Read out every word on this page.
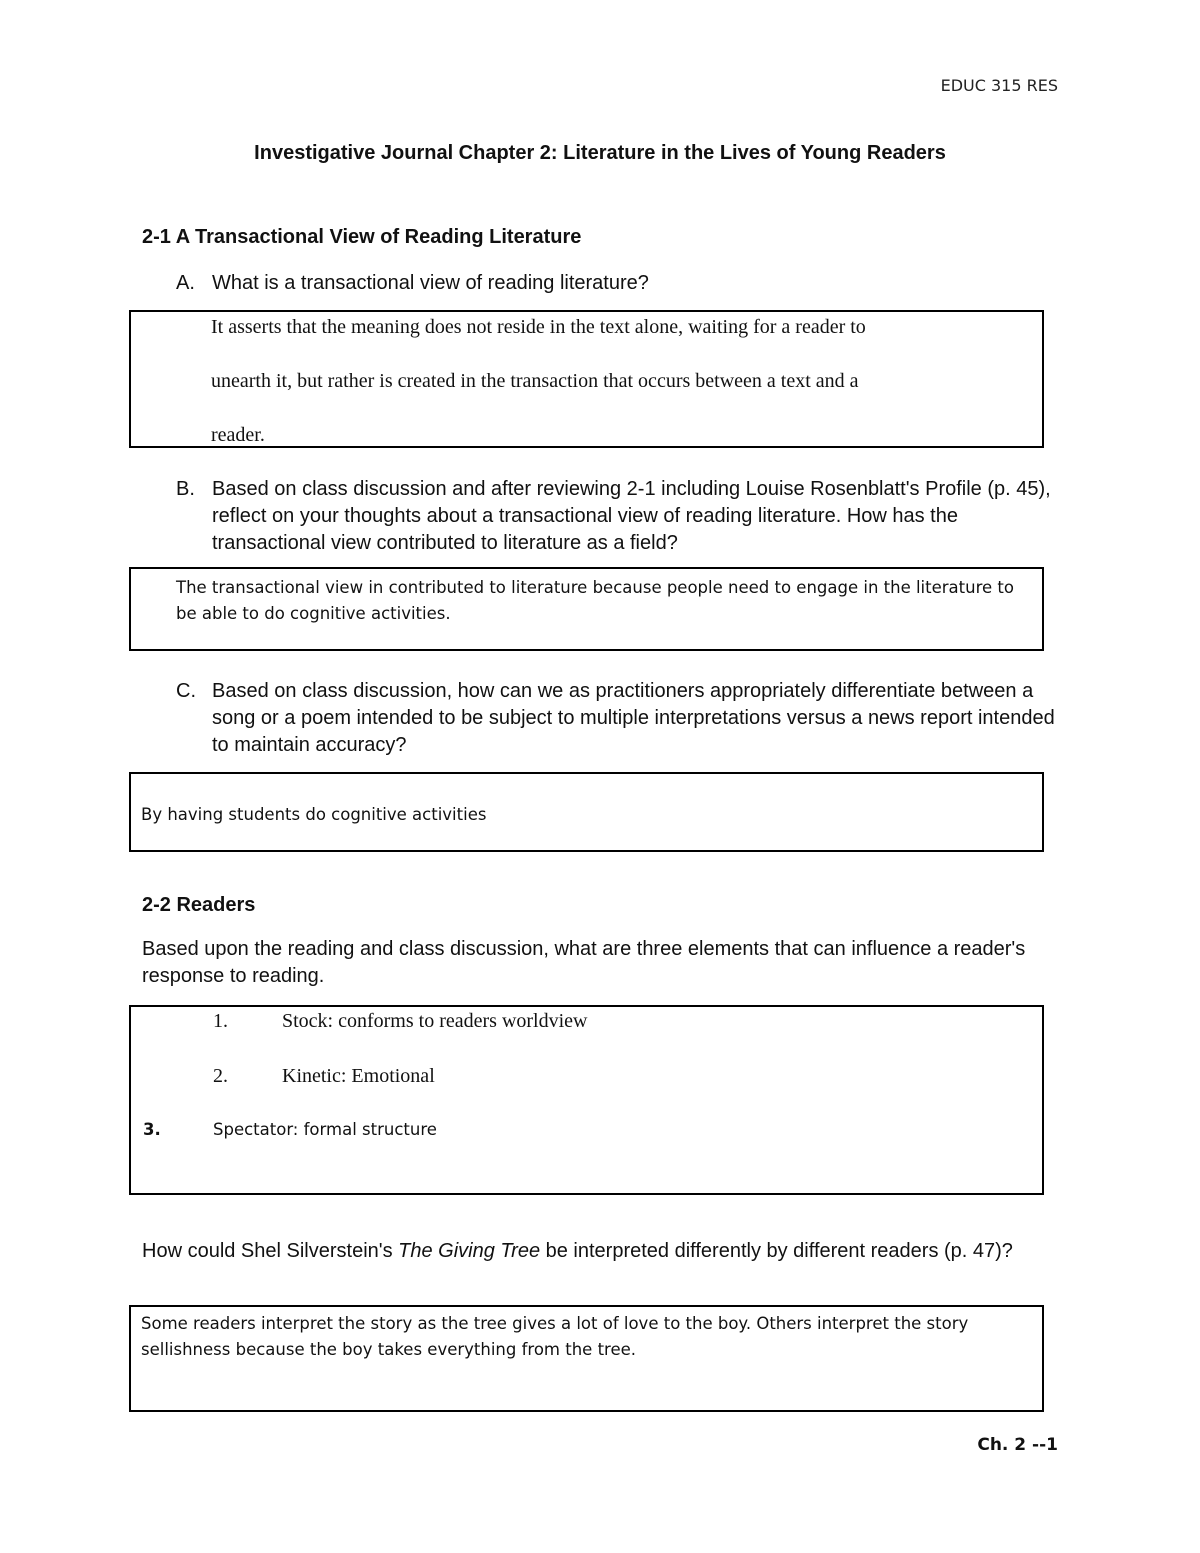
EDUC 315 RES
Investigative Journal Chapter 2: Literature in the Lives of Young Readers
2-1 A Transactional View of Reading Literature
A. What is a transactional view of reading literature?
It asserts that the meaning does not reside in the text alone, waiting for a reader to
unearth it, but rather is created in the transaction that occurs between a text and a
reader.
B. Based on class discussion and after reviewing 2-1 including Louise Rosenblatt's Profile (p. 45), reflect on your thoughts about a transactional view of reading literature. How has the transactional view contributed to literature as a field?
The transactional view in contributed to literature because people need to engage in the literature to be able to do cognitive activities.
C. Based on class discussion, how can we as practitioners appropriately differentiate between a song or a poem intended to be subject to multiple interpretations versus a news report intended to maintain accuracy?
By having students do cognitive activities
2-2 Readers
Based upon the reading and class discussion, what are three elements that can influence a reader's response to reading.
1.	Stock: conforms to readers worldview
2.	Kinetic: Emotional
3.	Spectator: formal structure
How could Shel Silverstein's The Giving Tree be interpreted differently by different readers (p. 47)?
Some readers interpret the story as the tree gives a lot of love to the boy. Others interpret the story sellishness because the boy takes everything from the tree.
Ch. 2 --1
